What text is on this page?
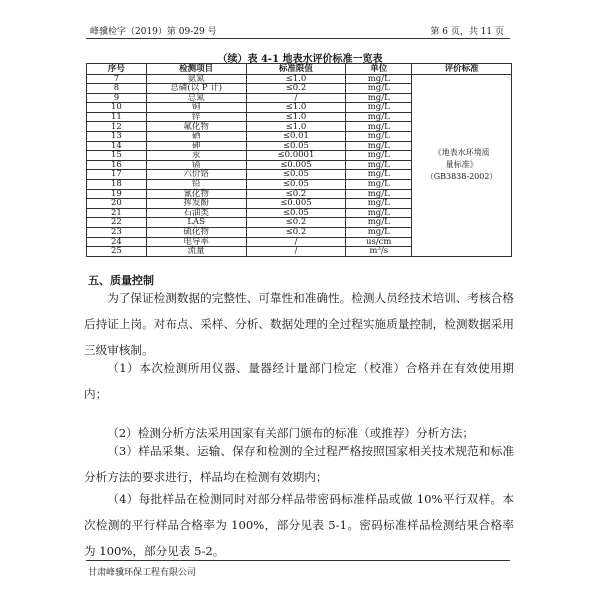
峰骥检字（2019）第 09-29 号	第 6 页，共 11 页
（续）表 4-1 地表水评价标准一览表
序号	检测项目	标准限值	单位	评价标准
7	氨氮	≤1.0	mg/L	《地表水环境质
量标准》
（GB3838-2002）

8	总磷(以 P 计)	≤0.2	mg/L	
9	总氮	/	mg/L	
10	铜	≤1.0	mg/L	
11	锌	≤1.0	mg/L	
12	氟化物	≤1.0	mg/L	
13	硒	≤0.01	mg/L	
14	砷	≤0.05	mg/L	
15	汞	≤0.0001	mg/L	
16	镉	≤0.005	mg/L	
17	六价铬	≤0.05	mg/L	
18	铅	≤0.05	mg/L	
19	氰化物	≤0.2	mg/L	
20	挥发酚	≤0.005	mg/L	
21	石油类	≤0.05	mg/L	
22	LAS	≤0.2	mg/L	
23	硫化物	≤0.2	mg/L	
24	电导率	/	us/cm	
25	流量	/	m³/s	
五、质量控制
为了保证检测数据的完整性、可靠性和准确性。检测人员经技术培训、考核合格后持证上岗。对布点、采样、分析、数据处理的全过程实施质量控制，检测数据采用三级审核制。
（1）本次检测所用仪器、量器经计量部门检定（校准）合格并在有效使用期内；
（2）检测分析方法采用国家有关部门颁布的标准（或推荐）分析方法；
（3）样品采集、运输、保存和检测的全过程严格按照国家相关技术规范和标准分析方法的要求进行，样品均在检测有效期内；
（4）每批样品在检测同时对部分样品带密码标准样品或做 10%平行双样。本次检测的平行样品合格率为 100%，部分见表 5-1。密码标准样品检测结果合格率为 100%，部分见表 5-2。
甘肃峰骥环保工程有限公司
